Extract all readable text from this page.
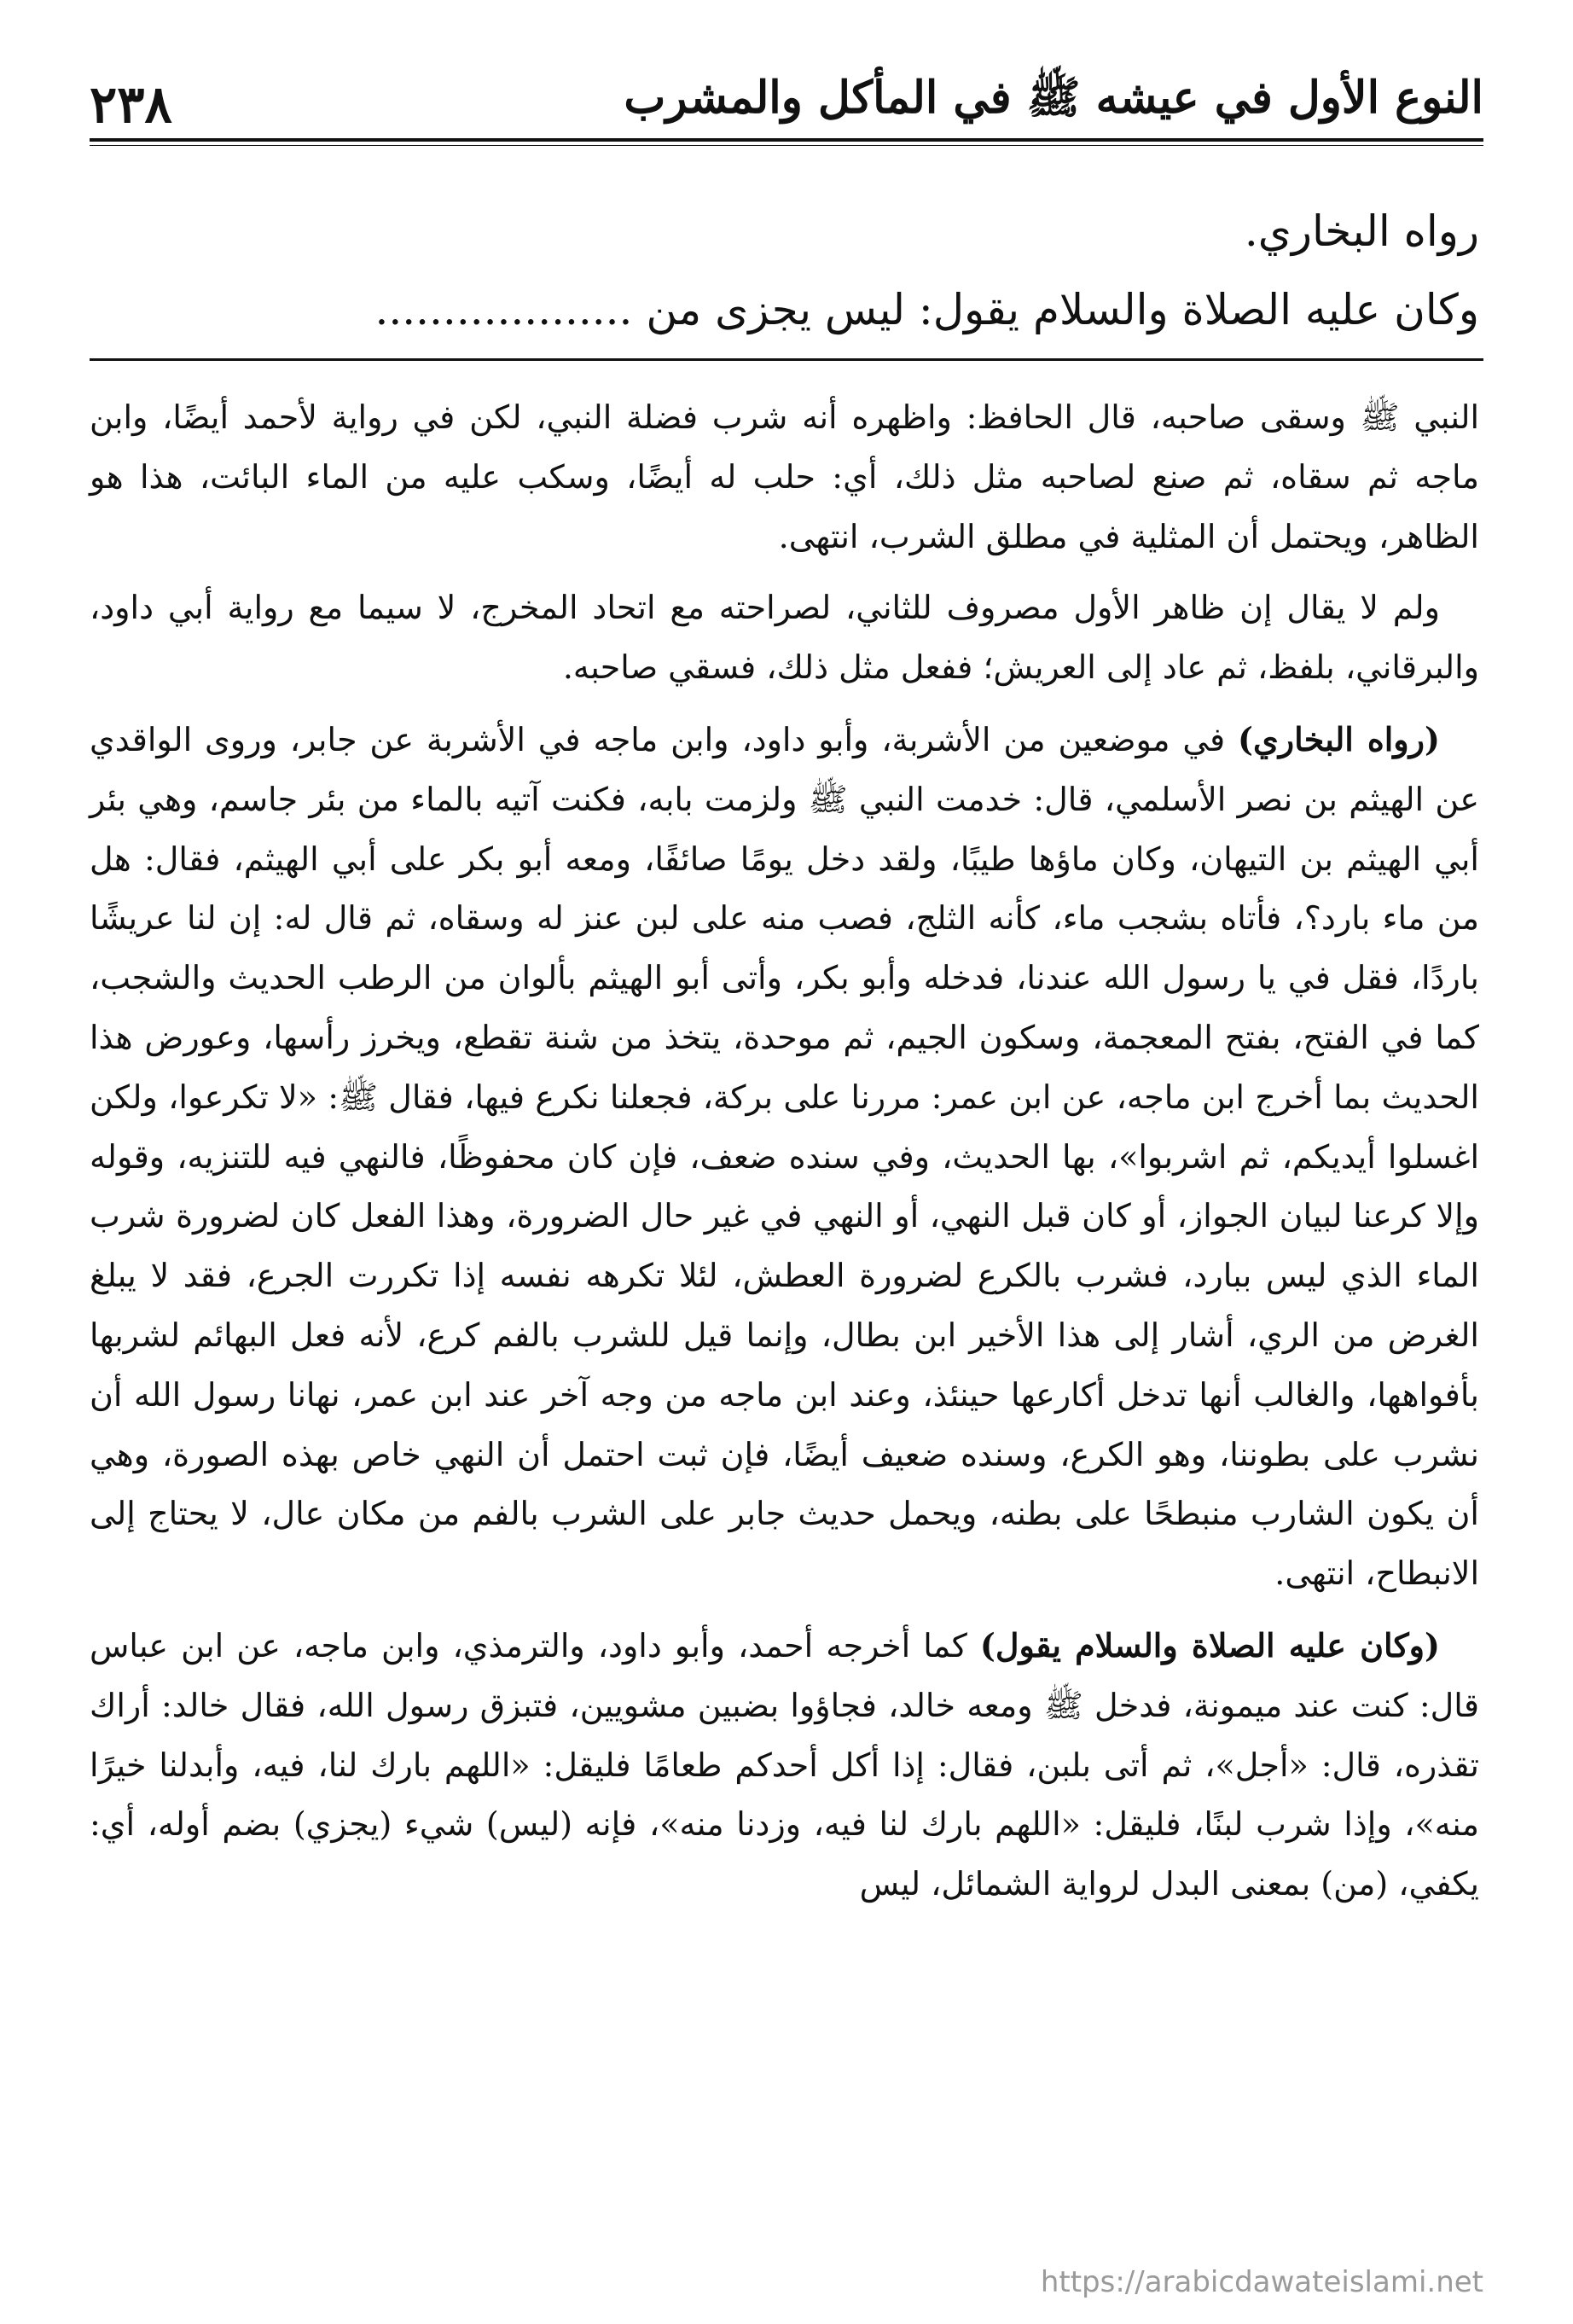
٢٣٨	النوع الأول في عيشه ﷺ في المأكل والمشرب

رواه البخاري.

وكان عليه الصلاة والسلام يقول: ليس يجزى من ...................

النبي ﷺ وسقى صاحبه، قال الحافظ: واظهره أنه شرب فضلة النبي، لكن في رواية لأحمد أيضًا، وابن ماجه ثم سقاه، ثم صنع لصاحبه مثل ذلك، أي: حلب له أيضًا، وسكب عليه من الماء البائت، هذا هو الظاهر، ويحتمل أن المثلية في مطلق الشرب، انتهى.

ولم لا يقال إن ظاهر الأول مصروف للثاني، لصراحته مع اتحاد المخرج، لا سيما مع رواية أبي داود، والبرقاني، بلفظ، ثم عاد إلى العريش؛ ففعل مثل ذلك، فسقي صاحبه.

(رواه البخاري) في موضعين من الأشربة، وأبو داود، وابن ماجه في الأشربة عن جابر، وروى الواقدي عن الهيثم بن نصر الأسلمي، قال: خدمت النبي ﷺ ولزمت بابه، فكنت آتيه بالماء من بئر جاسم، وهي بئر أبي الهيثم بن التيهان، وكان ماؤها طيبًا، ولقد دخل يومًا صائفًا، ومعه أبو بكر على أبي الهيثم، فقال: هل من ماء بارد؟، فأتاه بشجب ماء، كأنه الثلج، فصب منه على لبن عنز له وسقاه، ثم قال له: إن لنا عريشًا باردًا، فقل في يا رسول الله عندنا، فدخله وأبو بكر، وأتى أبو الهيثم بألوان من الرطب الحديث والشجب، كما في الفتح، بفتح المعجمة، وسكون الجيم، ثم موحدة، يتخذ من شنة تقطع، ويخرز رأسها، وعورض هذا الحديث بما أخرج ابن ماجه، عن ابن عمر: مررنا على بركة، فجعلنا نكرع فيها، فقال ﷺ: «لا تكرعوا، ولكن اغسلوا أيديكم، ثم اشربوا»، بها الحديث، وفي سنده ضعف، فإن كان محفوظًا، فالنهي فيه للتنزيه، وقوله وإلا كرعنا لبيان الجواز، أو كان قبل النهي، أو النهي في غير حال الضرورة، وهذا الفعل كان لضرورة شرب الماء الذي ليس ببارد، فشرب بالكرع لضرورة العطش، لئلا تكرهه نفسه إذا تكررت الجرع، فقد لا يبلغ الغرض من الري، أشار إلى هذا الأخير ابن بطال، وإنما قيل للشرب بالفم كرع، لأنه فعل البهائم لشربها بأفواهها، والغالب أنها تدخل أكارعها حينئذ، وعند ابن ماجه من وجه آخر عند ابن عمر، نهانا رسول الله أن نشرب على بطوننا، وهو الكرع، وسنده ضعيف أيضًا، فإن ثبت احتمل أن النهي خاص بهذه الصورة، وهي أن يكون الشارب منبطحًا على بطنه، ويحمل حديث جابر على الشرب بالفم من مكان عال، لا يحتاج إلى الانبطاح، انتهى.

(وكان عليه الصلاة والسلام يقول) كما أخرجه أحمد، وأبو داود، والترمذي، وابن ماجه، عن ابن عباس قال: كنت عند ميمونة، فدخل ﷺ ومعه خالد، فجاؤوا بضبين مشويين، فتبزق رسول الله، فقال خالد: أراك تقذره، قال: «أجل»، ثم أتى بلبن، فقال: إذا أكل أحدكم طعامًا فليقل: «اللهم بارك لنا، فيه، وأبدلنا خيرًا منه»، وإذا شرب لبنًا، فليقل: «اللهم بارك لنا فيه، وزدنا منه»، فإنه (ليس) شيء (يجزي) بضم أوله، أي: يكفي، (من) بمعنى البدل لرواية الشمائل، ليس

https://arabicdawateislami.net
